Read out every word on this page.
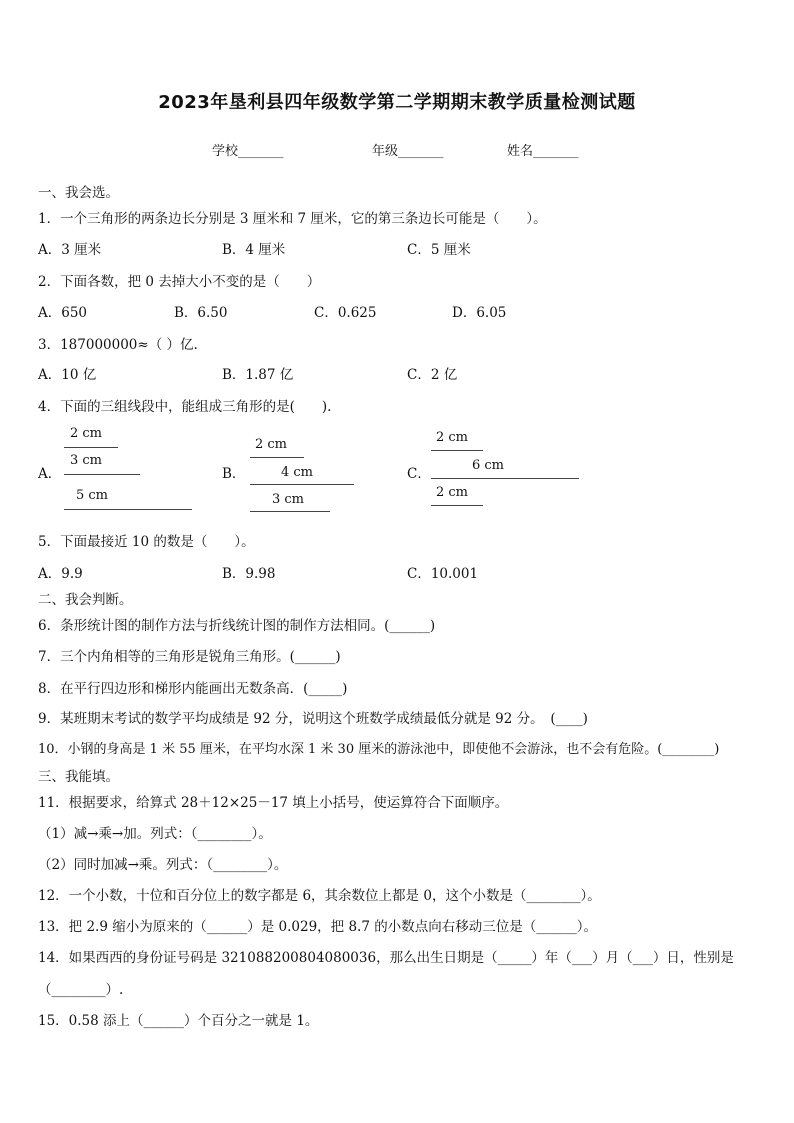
2023年垦利县四年级数学第二学期期末教学质量检测试题
学校_______	年级_______	姓名_______
一、我会选。
1．一个三角形的两条边长分别是 3 厘米和 7 厘米，它的第三条边长可能是（　　）。
A．3 厘米	B．4 厘米	C．5 厘米
2．下面各数，把 0 去掉大小不变的是（　　）
A．650	B．6.50	C．0.625	D．6.05
3．187000000≈（ ）亿.
A．10 亿	B．1.87 亿	C．2 亿
4．下面的三组线段中，能组成三角形的是(　　).
A．
2 cm
3 cm
5 cm
B．
2 cm
4 cm
3 cm
C．
2 cm
6 cm
2 cm
5．下面最接近 10 的数是（　　）。
A．9.9	B．9.98	C．10.001
二、我会判断。
6．条形统计图的制作方法与折线统计图的制作方法相同。(______)
7．三个内角相等的三角形是锐角三角形。(______)
8．在平行四边形和梯形内能画出无数条高．(_____)
9．某班期末考试的数学平均成绩是 92 分，说明这个班数学成绩最低分就是 92 分。　(____)
10．小钢的身高是 1 米 55 厘米，在平均水深 1 米 30 厘米的游泳池中，即使他不会游泳，也不会有危险。(________)
三、我能填。
11．根据要求，给算式 28＋12×25－17 填上小括号，使运算符合下面顺序。
（1）减→乘→加。列式：（________）。
（2）同时加减→乘。列式：（________）。
12．一个小数，十位和百分位上的数字都是 6，其余数位上都是 0，这个小数是（________）。
13．把 2.9 缩小为原来的（______）是 0.029，把 8.7 的小数点向右移动三位是（______）。
14．如果西西的身份证号码是 321088200804080036，那么出生日期是（_____）年（___）月（___）日，性别是
（________）.
15．0.58 添上（______）个百分之一就是 1。
